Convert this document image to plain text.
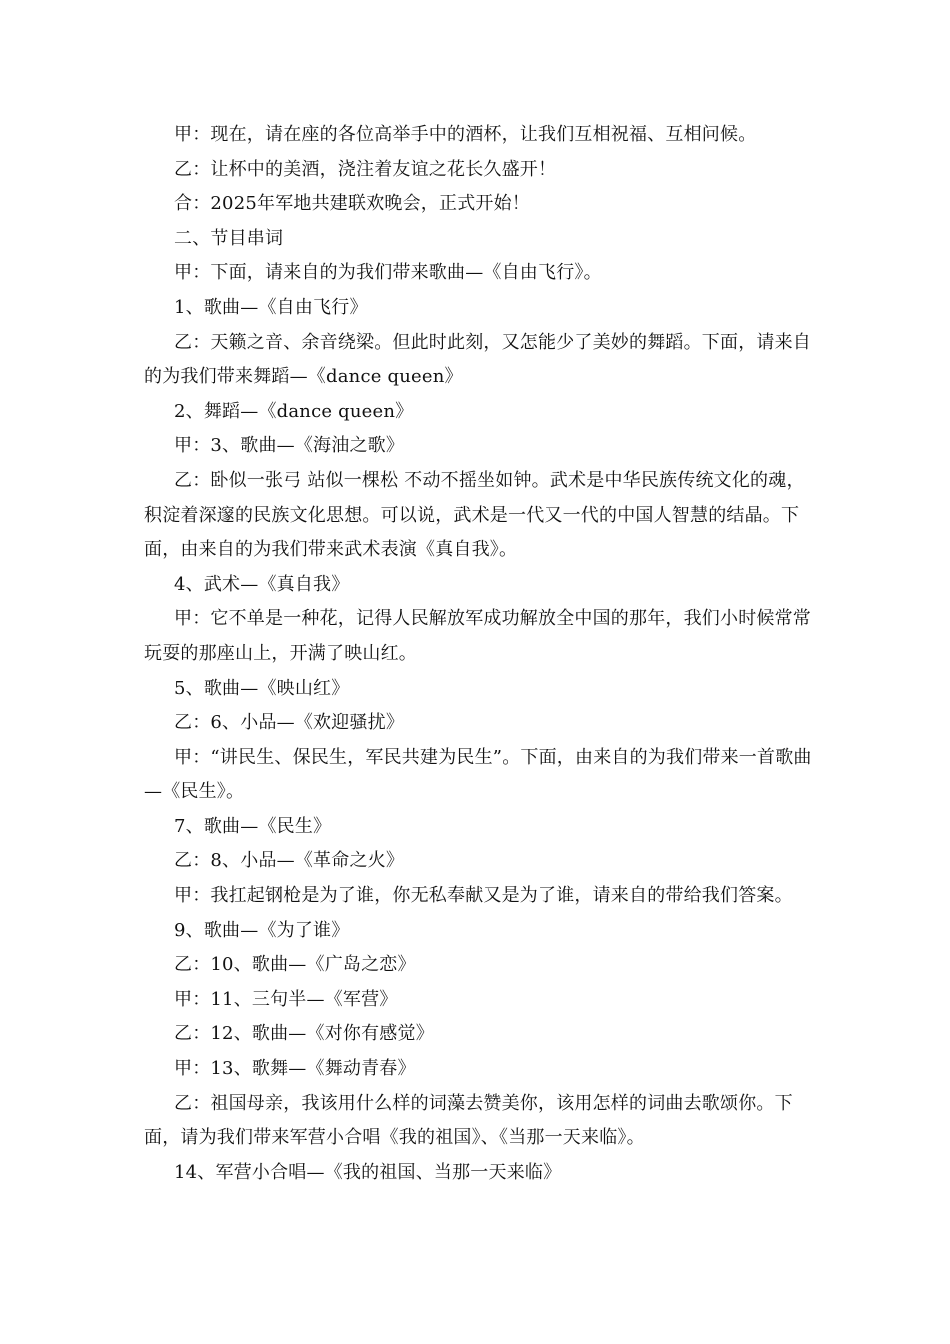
甲：现在，请在座的各位高举手中的酒杯，让我们互相祝福、互相问候。

乙：让杯中的美酒，浇注着友谊之花长久盛开！

合：2025年军地共建联欢晚会，正式开始！

二、节目串词

甲：下面，请来自的为我们带来歌曲—《自由飞行》。

1、歌曲—《自由飞行》

乙：天籁之音、余音绕梁。但此时此刻，又怎能少了美妙的舞蹈。下面，请来自的为我们带来舞蹈—《dance queen》

2、舞蹈—《dance queen》

甲：3、歌曲—《海油之歌》

乙：卧似一张弓 站似一棵松 不动不摇坐如钟。武术是中华民族传统文化的魂，积淀着深邃的民族文化思想。可以说，武术是一代又一代的中国人智慧的结晶。下面，由来自的为我们带来武术表演《真自我》。

4、武术—《真自我》

甲：它不单是一种花，记得人民解放军成功解放全中国的那年，我们小时候常常玩耍的那座山上，开满了映山红。

5、歌曲—《映山红》

乙：6、小品—《欢迎骚扰》

甲：“讲民生、保民生，军民共建为民生”。下面，由来自的为我们带来一首歌曲—《民生》。

7、歌曲—《民生》

乙：8、小品—《革命之火》

甲：我扛起钢枪是为了谁，你无私奉献又是为了谁，请来自的带给我们答案。

9、歌曲—《为了谁》

乙：10、歌曲—《广岛之恋》

甲：11、三句半—《军营》

乙：12、歌曲—《对你有感觉》

甲：13、歌舞—《舞动青春》

乙：祖国母亲，我该用什么样的词藻去赞美你，该用怎样的词曲去歌颂你。下面，请为我们带来军营小合唱《我的祖国》、《当那一天来临》。

14、军营小合唱—《我的祖国、当那一天来临》
